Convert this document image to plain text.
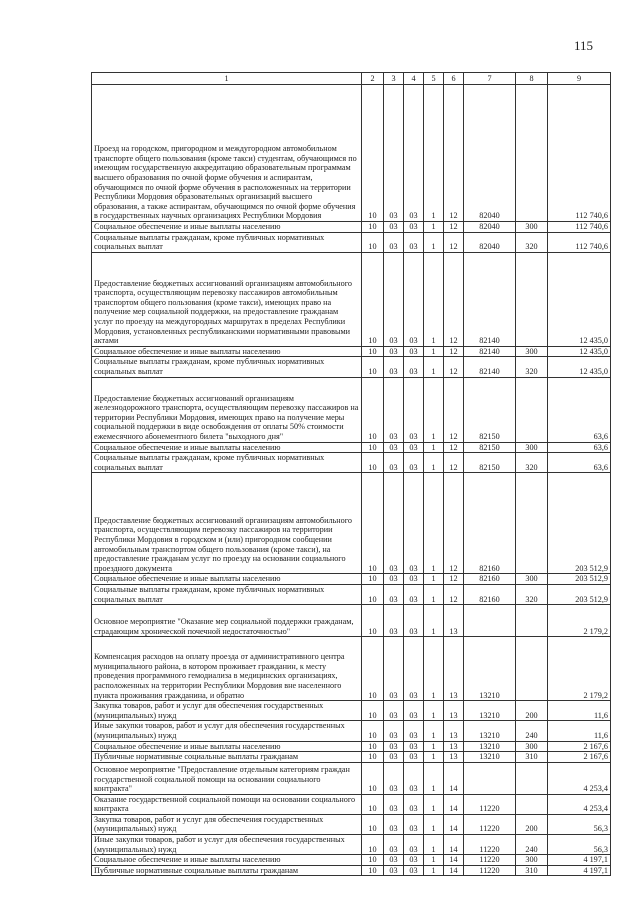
115
1	2	3	4	5	6	7	8	9
Проезд на городском, пригородном и междугородном автомобильном транспорте общего пользования (кроме такси) студентам, обучающимся по имеющим государственную аккредитацию образовательным программам высшего образования по очной форме обучения и аспирантам, обучающимся по очной форме обучения в расположенных на территории Республики Мордовия образовательных организаций высшего образования, а также аспирантам, обучающимся по очной форме обучения в государственных научных организациях Республики Мордовия	10	03	03	1	12	82040		112 740,6
Социальное обеспечение и иные выплаты населению	10	03	03	1	12	82040	300	112 740,6
Социальные выплаты гражданам, кроме публичных нормативных социальных выплат	10	03	03	1	12	82040	320	112 740,6
Предоставление бюджетных ассигнований организациям автомобильного транспорта, осуществляющим перевозку пассажиров автомобильным транспортом общего пользования (кроме такси), имеющих право на получение мер социальной поддержки, на предоставление гражданам услуг по проезду на междугородных маршрутах в пределах Республики Мордовия, установленных республиканскими нормативными правовыми актами	10	03	03	1	12	82140		12 435,0
Социальное обеспечение и иные выплаты населению	10	03	03	1	12	82140	300	12 435,0
Социальные выплаты гражданам, кроме публичных нормативных социальных выплат	10	03	03	1	12	82140	320	12 435,0
Предоставление бюджетных ассигнований организациям железнодорожного транспорта, осуществляющим перевозку пассажиров на территории Республики Мордовия, имеющих право на получение меры социальной поддержки в виде освобождения от оплаты 50% стоимости ежемесячного абонементного билета "выходного дня"	10	03	03	1	12	82150		63,6
Социальное обеспечение и иные выплаты населению	10	03	03	1	12	82150	300	63,6
Социальные выплаты гражданам, кроме публичных нормативных социальных выплат	10	03	03	1	12	82150	320	63,6
Предоставление бюджетных ассигнований организациям автомобильного транспорта, осуществляющим перевозку пассажиров на территории Республики Мордовия в городском и (или) пригородном сообщении автомобильным транспортом общего пользования (кроме такси), на предоставление гражданам услуг по проезду на основании социального проездного документа	10	03	03	1	12	82160		203 512,9
Социальное обеспечение и иные выплаты населению	10	03	03	1	12	82160	300	203 512,9
Социальные выплаты гражданам, кроме публичных нормативных социальных выплат	10	03	03	1	12	82160	320	203 512,9
Основное мероприятие "Оказание мер социальной поддержки гражданам, страдающим хронической почечной недостаточностью"	10	03	03	1	13			2 179,2
Компенсация расходов на оплату проезда от административного центра муниципального района, в котором проживает гражданин, к месту проведения программного гемодиализа в медицинских организациях, расположенных на территории Республики Мордовия вне населенного пункта проживания гражданина, и обратно	10	03	03	1	13	13210		2 179,2
Закупка товаров, работ и услуг для обеспечения государственных (муниципальных) нужд	10	03	03	1	13	13210	200	11,6
Иные закупки товаров, работ и услуг для обеспечения государственных (муниципальных) нужд	10	03	03	1	13	13210	240	11,6
Социальное обеспечение и иные выплаты населению	10	03	03	1	13	13210	300	2 167,6
Публичные нормативные социальные выплаты гражданам	10	03	03	1	13	13210	310	2 167,6
Основное мероприятие "Предоставление отдельным категориям граждан государственной социальной помощи на основании социального контракта"	10	03	03	1	14			4 253,4
Оказание государственной социальной помощи на основании социального контракта	10	03	03	1	14	11220		4 253,4
Закупка товаров, работ и услуг для обеспечения государственных (муниципальных) нужд	10	03	03	1	14	11220	200	56,3
Иные закупки товаров, работ и услуг для обеспечения государственных (муниципальных) нужд	10	03	03	1	14	11220	240	56,3
Социальное обеспечение и иные выплаты населению	10	03	03	1	14	11220	300	4 197,1
Публичные нормативные социальные выплаты гражданам	10	03	03	1	14	11220	310	4 197,1
